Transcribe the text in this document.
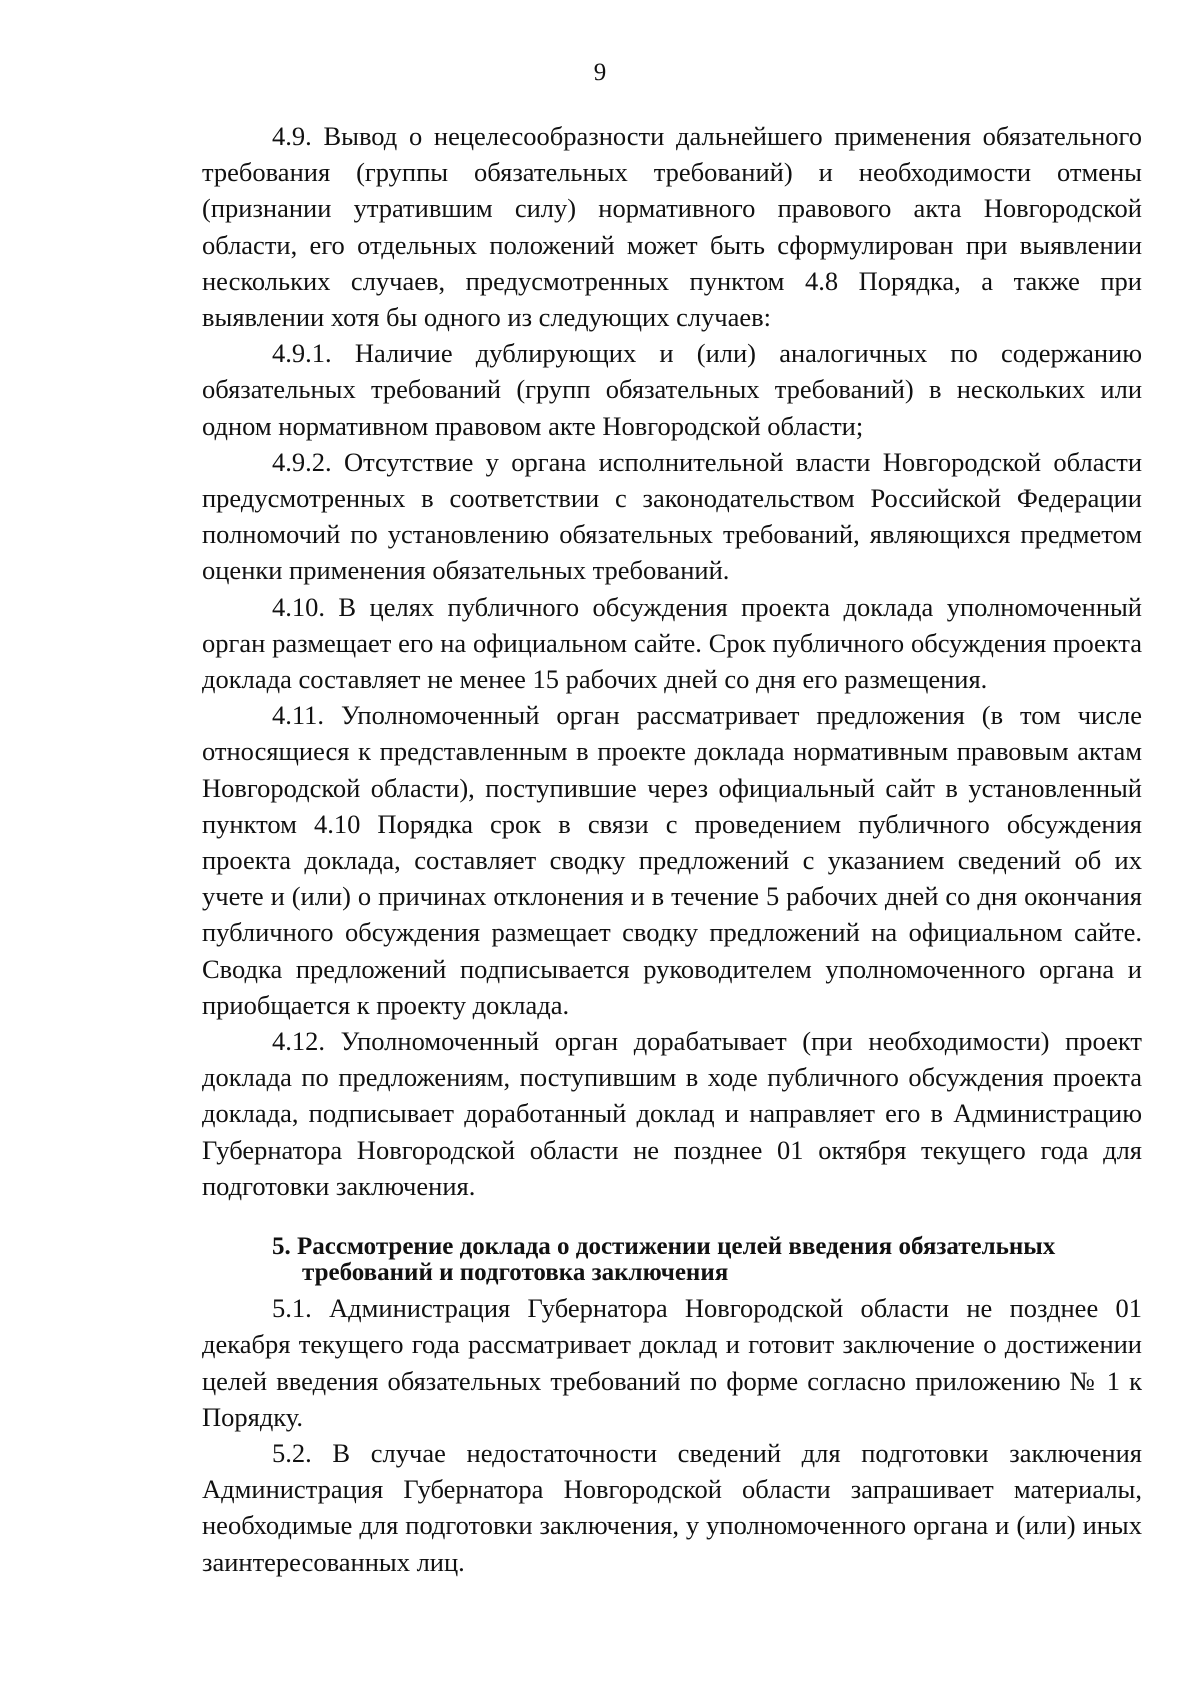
9

4.9. Вывод о нецелесообразности дальнейшего применения обязательного требования (группы обязательных требований) и необходимости отмены (признании утратившим силу) нормативного правового акта Новгородской области, его отдельных положений может быть сформулирован при выявлении нескольких случаев, предусмотренных пунктом 4.8 Порядка, а также при выявлении хотя бы одного из следующих случаев:

4.9.1. Наличие дублирующих и (или) аналогичных по содержанию обязательных требований (групп обязательных требований) в нескольких или одном нормативном правовом акте Новгородской области;

4.9.2. Отсутствие у органа исполнительной власти Новгородской области предусмотренных в соответствии с законодательством Российской Федерации полномочий по установлению обязательных требований, являющихся предметом оценки применения обязательных требований.

4.10. В целях публичного обсуждения проекта доклада уполномоченный орган размещает его на официальном сайте. Срок публичного обсуждения проекта доклада составляет не менее 15 рабочих дней со дня его размещения.

4.11. Уполномоченный орган рассматривает предложения (в том числе относящиеся к представленным в проекте доклада нормативным правовым актам Новгородской области), поступившие через официальный сайт в установленный пунктом 4.10 Порядка срок в связи с проведением публичного обсуждения проекта доклада, составляет сводку предложений с указанием сведений об их учете и (или) о причинах отклонения и в течение 5 рабочих дней со дня окончания публичного обсуждения размещает сводку предложений на официальном сайте. Сводка предложений подписывается руководителем уполномоченного органа и приобщается к проекту доклада.

4.12. Уполномоченный орган дорабатывает (при необходимости) проект доклада по предложениям, поступившим в ходе публичного обсуждения проекта доклада, подписывает доработанный доклад и направляет его в Администрацию Губернатора Новгородской области не позднее 01 октября текущего года для подготовки заключения.

5. Рассмотрение доклада о достижении целей введения обязательных
требований и подготовка заключения

5.1. Администрация Губернатора Новгородской области не позднее 01 декабря текущего года рассматривает доклад и готовит заключение о достижении целей введения обязательных требований по форме согласно приложению № 1 к Порядку.

5.2. В случае недостаточности сведений для подготовки заключения Администрация Губернатора Новгородской области запрашивает материалы, необходимые для подготовки заключения, у уполномоченного органа и (или) иных заинтересованных лиц.
